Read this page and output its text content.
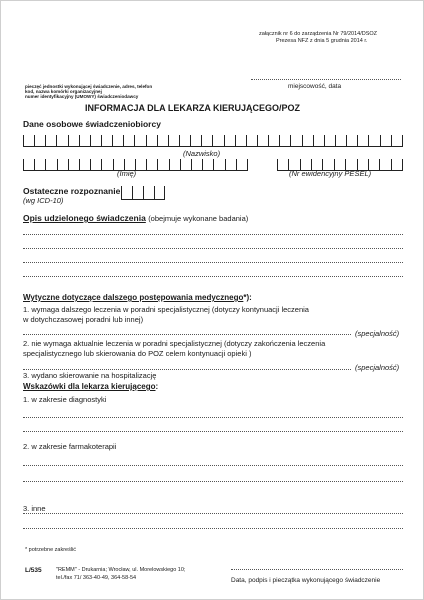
załącznik nr 6 do zarządzenia Nr 79/2014/DSOZ
Prezesa NFZ z dnia 5 grudnia 2014 r.
pieczęć jednostki wykonującej świadczenie, adres, telefon
kod, nazwa komórki organizacyjnej
numer identyfikacyjny (UMOWY) świadczeniodawcy
miejscowość, data
INFORMACJA DLA LEKARZA KIERUJĄCEGO/POZ
Dane osobowe świadczeniobiorcy
(Nazwisko)
(Imię)	(Nr ewidencyjny PESEL)
Ostateczne rozpoznanie
(wg ICD-10)
Opis udzielonego świadczenia (obejmuje wykonane badania)
Wytyczne dotyczące dalszego postępowania medycznego*):
1. wymaga dalszego leczenia w poradni specjalistycznej (dotyczy kontynuacji leczenia
w dotychczasowej poradni lub innej)
(specjalność)
2. nie wymaga aktualnie leczenia w poradni specjalistycznej (dotyczy zakończenia leczenia
specjalistycznego lub skierowania do POZ celem kontynuacji opieki )
(specjalność)
3. wydano skierowanie na hospitalizację
Wskazówki dla lekarza kierującego:
1. w zakresie diagnostyki
2. w zakresie farmakoterapii
3. inne
* potrzebne zakreślić
L/535	"REMM" - Drukarnia; Wrocław, ul. Morelowskiego 10;
tel./fax 71/ 363-40-49, 364-58-54	Data, podpis i pieczątka wykonującego świadczenie
